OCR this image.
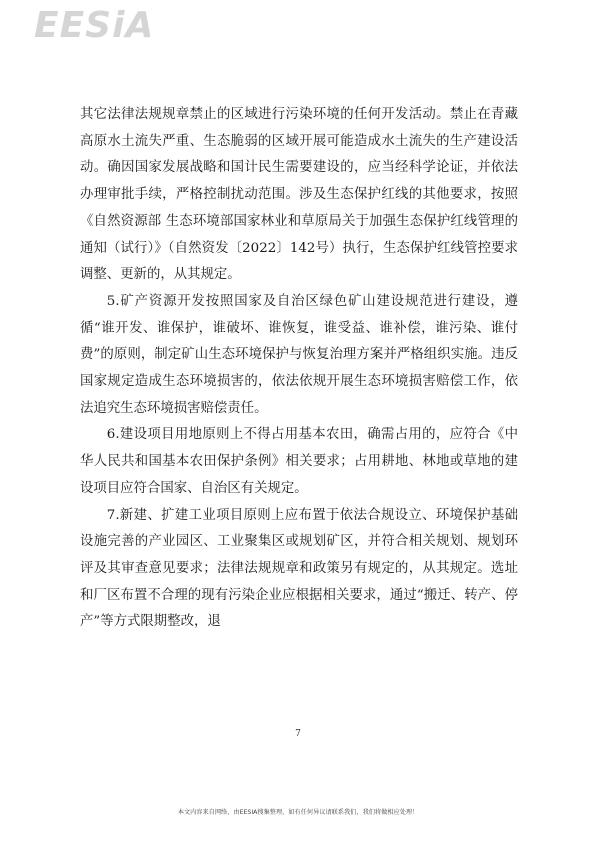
EESiA

其它法律法规规章禁止的区域进行污染环境的任何开发活动。禁止在青藏高原水土流失严重、生态脆弱的区域开展可能造成水土流失的生产建设活动。确因国家发展战略和国计民生需要建设的，应当经科学论证，并依法办理审批手续，严格控制扰动范围。涉及生态保护红线的其他要求，按照《自然资源部 生态环境部国家林业和草原局关于加强生态保护红线管理的通知（试行）》（自然资发〔2022〕142号）执行，生态保护红线管控要求调整、更新的，从其规定。

5.矿产资源开发按照国家及自治区绿色矿山建设规范进行建设，遵循“谁开发、谁保护，谁破坏、谁恢复，谁受益、谁补偿，谁污染、谁付费”的原则，制定矿山生态环境保护与恢复治理方案并严格组织实施。违反国家规定造成生态环境损害的，依法依规开展生态环境损害赔偿工作，依法追究生态环境损害赔偿责任。

6.建设项目用地原则上不得占用基本农田，确需占用的，应符合《中华人民共和国基本农田保护条例》相关要求；占用耕地、林地或草地的建设项目应符合国家、自治区有关规定。

7.新建、扩建工业项目原则上应布置于依法合规设立、环境保护基础设施完善的产业园区、工业聚集区或规划矿区，并符合相关规划、规划环评及其审查意见要求；法律法规规章和政策另有规定的，从其规定。选址和厂区布置不合理的现有污染企业应根据相关要求，通过“搬迁、转产、停产”等方式限期整改，退

7
本文内容来自网络，由EESIA搜集整理，如有任何异议请联系我们，我们将做相应处理！
